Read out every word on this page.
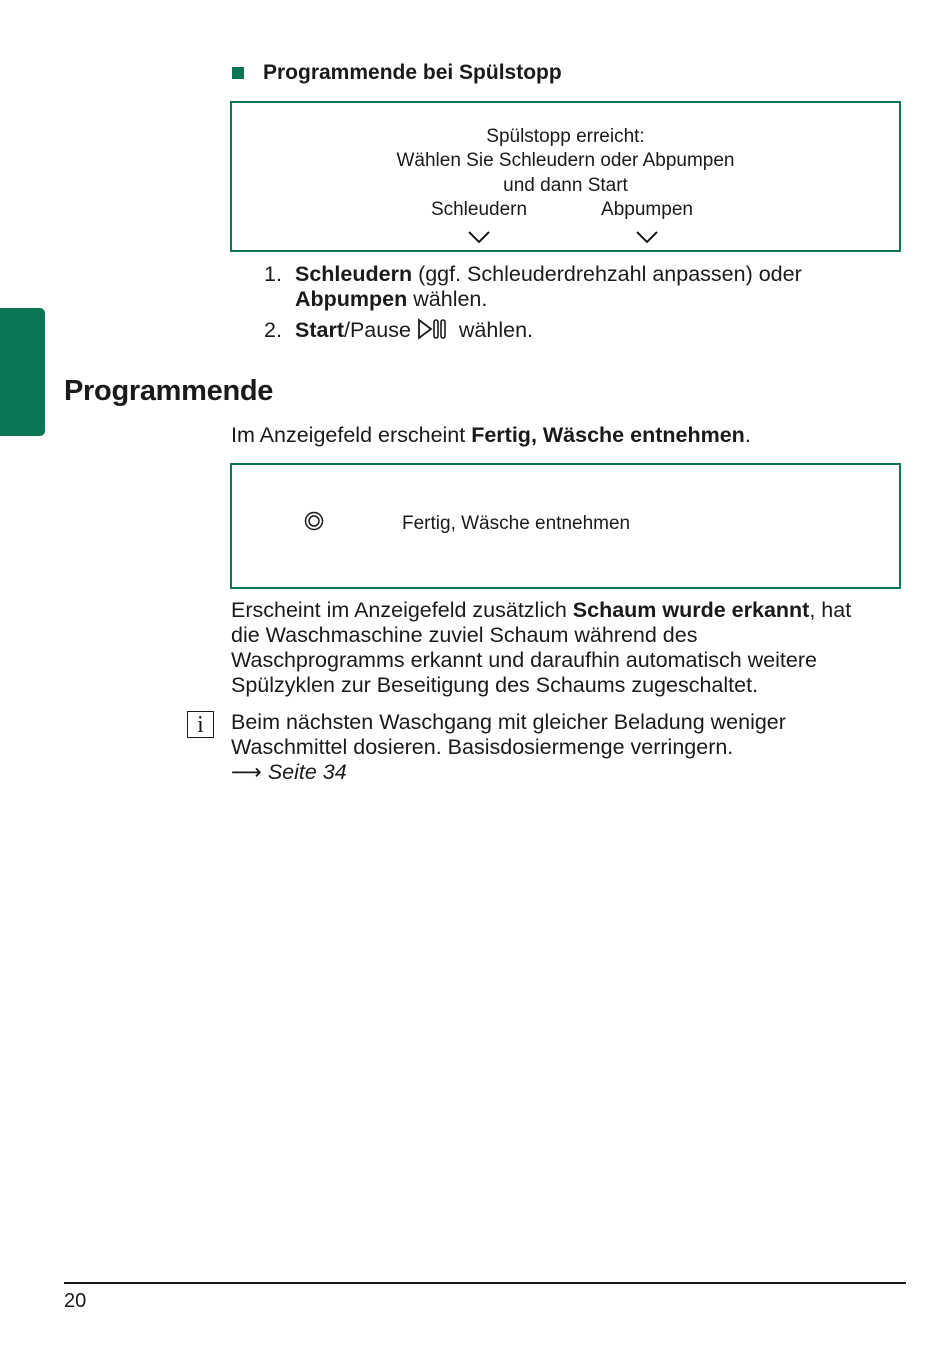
Programmende bei Spülstopp
Spülstopp erreicht:
Wählen Sie Schleudern oder Abpumpen
und dann Start
Schleudern	Abpumpen
1. Schleudern (ggf. Schleuderdrehzahl anpassen) oder
Abpumpen wählen.
2. Start/Pause wählen.
Programmende
Im Anzeigefeld erscheint Fertig, Wäsche entnehmen.
Fertig, Wäsche entnehmen
Erscheint im Anzeigefeld zusätzlich Schaum wurde erkannt, hat
die Waschmaschine zuviel Schaum während des
Waschprogramms erkannt und daraufhin automatisch weitere
Spülzyklen zur Beseitigung des Schaums zugeschaltet.
i	Beim nächsten Waschgang mit gleicher Beladung weniger
Waschmittel dosieren. Basisdosiermenge verringern.
⟶ Seite 34
20
